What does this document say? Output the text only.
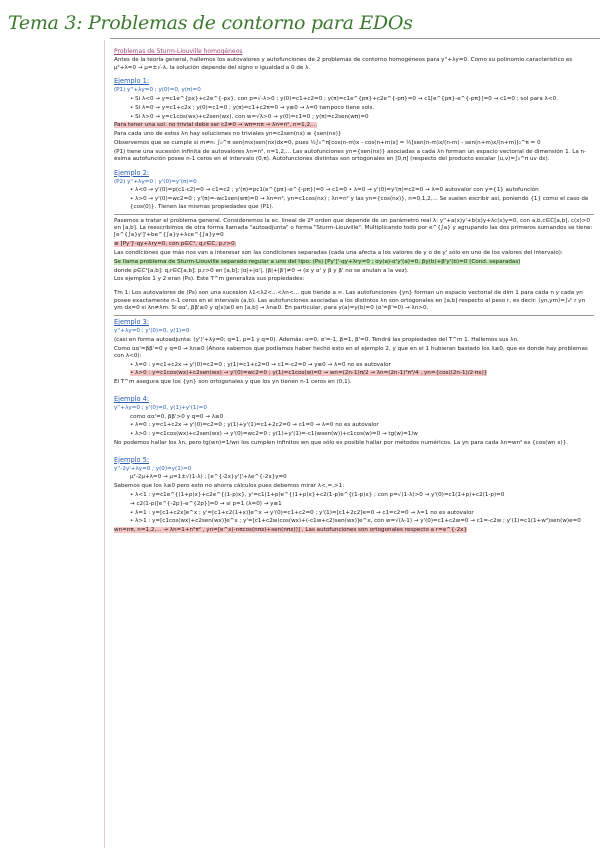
Tema 3: Problemas de contorno para EDOs

Problemas de Sturm-Liouville homogéneos

Antes de la teoría general, hallemos los autovalores y autofunciones de 2 problemas de contorno homogéneos para y''+λy=0. Como su polinomio característico es μ²+λ=0 → μ=±√-λ, la solución depende del signo o igualdad a 0 de λ.

Ejemplo 1:

(P1) y''+λy=0 ; y(0)=0, y(π)=0

• Si λ<0 → y=c1e^{px}+c2e^{-px}, con p=√-λ>0 ; y(0)=c1+c2=0 ; y(π)=c1e^{pπ}+c2e^{-pπ}=0 → c1[e^{pπ}-e^{-pπ}]=0 → c1=0 ; sol para λ<0.

• Si λ=0 → y=c1+c2x ; y(0)=c1=0 ; y(π)=c1+c2π=0 → y≡0 → λ=0 tampoco tiene sols.

• Si λ>0 → y=c1cos(wx)+c2sen(wx), con w=√λ>0 → y(0)=c1=0 ; y(π)=c2sen(wπ)=0

Para tener una sol. no trivial debe ser c2≠0 → wπ=nπ → λn=n², n=1,2,...

Para cada uno de estos λn hay soluciones no triviales yn=c2sen(nx) ≡ {sen(nx)}

Observemos que se cumple si m≠n: ∫₀^π sen(mx)sen(nx)dx=0, pues ½∫₀^π[cos(n-m)x - cos(n+m)x] = ½[sen(n-m)x/(n-m) - sen(n+m)x/(n+m)]₀^π = 0

(P1) tiene una sucesión infinita de autovalores λn=n², n=1,2,... Las autofunciones yn={sen(nx)} asociadas a cada λn forman un espacio vectorial de dimensión 1. La n-ésima autofunción posee n-1 ceros en el intervalo (0,π). Autofunciones distintas son ortogonales en [0,π] (respecto del producto escalar ⟨u,v⟩=∫₀^π uv dx).

Ejemplo 2:

(P2) y''+λy=0 ; y'(0)=y'(π)=0

• λ<0 → y'(0)=p(c1-c2)=0 → c1=c2 ; y'(π)=pc1(e^{pπ}-e^{-pπ})=0 → c1=0 • λ=0 → y'(0)=y'(π)=c2=0 → λ=0 autovalor con y={1} autofunción

• λ>0 → y'(0)=wc2=0 ; y'(π)=-wc1sen(wπ)=0 → λn=n², yn=c1cos(nx) ; λn=n² y las yn={cos(nx)}, n=0,1,2,... Se suelen escribir así, poniendo {1} como el caso de {cos(0)}. Tienen las mismas propiedades que (P1).

Pasemos a tratar el problema general. Consideremos la ec. lineal de 2º orden que depende de un parámetro real λ: y''+a(x)y'+b(x)y+λc(x)y=0, con a,b,c∈C[a,b], c(x)>0 en [a,b]. La reescribimos de otra forma llamada "autoadjunta" o forma "Sturm-Liouville". Multiplicando todo por e^{∫a} y agrupando las dos primeros sumandos se tiene: [e^{∫a}y']'+be^{∫a}y+λce^{∫a}y=0

≡ [Py']'-qy+λry=0, con p∈C¹, q,r∈C, p,r>0.

Las condiciones que más nos van a interesar son las condiciones separadas (cada una afecta a los valores de y o de y' sólo en uno de los valores del intervalo):

Se llama problema de Sturm-Liouville separado regular a uno del tipo: (Ps) [Py']'-qy+λry=0 ; αy(a)-α'y'(a)=0, βy(b)+β'y'(b)=0 (Cond. separadas)

donde p∈C¹[a,b]; q,r∈C[a,b]; p,r>0 en [a,b]; |α|+|α'|, |β|+|β'|≠0 → (α y α' y β y β' no se anulan a la vez).

Los ejemplos 1 y 2 eran (Ps). Este T^m generaliza sus propiedades:

Tm 1: Los autovalores de (Ps) son una sucesión λ1<λ2<...<λn<... que tiende a ∞. Las autofunciones {yn} forman un espacio vectorial de dim 1 para cada n y cada yn posee exactamente n-1 ceros en el intervalo (a,b). Las autofunciones asociadas a los distintos λn son ortogonales en [a,b] respecto al peso r, es decir: ⟨yn,ym⟩=∫ₐᵇ r yn ym dx=0 si λn≠λm. Si αα', ββ'≥0 y q(x)≥0 en [a,b] → λn≥0. En particular, para y(a)=y(b)=0 (α'=β'=0) → λn>0.

Ejemplo 3:

y''+λy=0 ; y'(0)=0, y(1)=0

(casi en forma autoadjunta: (y')'+λy=0; q=1, p=1 y q=0). Además: α=0, α'=-1, β=1, β'=0. Tendrá las propiedades del T^m 1. Hallemos sus λn.

Como αα'=ββ'=0 y q=0 → λn≥0 (Ahora sabemos que podíamos haber hecho esto en el ejemplo 2, y que en el 1 hubieran bastado los λ≥0, que es donde hay problemas con λ<0):

• λ=0 : y=c1+c2x → y'(0)=c2=0 ; y(1)=c1+c2=0 → c1=-c2=0 → y≡0 → λ=0 no es autovalor

• λ>0 : y=c1cos(wx)+c2sen(wx) → y'(0)=wc2=0 ; y(1)=c1cos(w)=0 → wn=(2n-1)π/2 → λn=(2n-1)²π²/4 , yn={cos((2n-1)/2·πx)}

El T^m asegura que los {yn} son ortogonales y que los yn tienen n-1 ceros en (0,1).

Ejemplo 4:

y''+λy=0 ; y'(0)=0, y(1)+y'(1)=0

como αα'=0, ββ'>0 y q=0 → λ≥0

• λ=0 : y=c1+c2x → y'(0)=c2=0 ; y(1)+y'(1)=c1+2c2=0 → c1=0 → λ=0 no es autovalor

• λ>0 : y=c1cos(wx)+c2sen(wx) → y'(0)=wc2=0 ; y(1)+y'(1)=-c1(wsen(w))+c1cos(w)=0 → tg(w)=1/w

No podemos hallar los λn, pero tg(wn)=1/wn los cumplen infinitos wn que sólo es posible hallar por métodos numéricos. La yn para cada λn=wn² es {cos(wn x)}.

Ejemplo 5:

y''-2y'+λy=0 ; y(0)=y(1)=0

μ²-2μ+λ=0 → μ=1±√(1-λ) ; [e^{-2x}y']'+λe^{-2x}y=0

Sabemos que los λ≥0 pero esto no ahorra cálculos pues debemos mirar λ<,=,>1:

• λ<1 : y=c1e^{(1+p)x}+c2e^{(1-p)x}, y'=c1(1+p)e^{(1+p)x}+c2(1-p)e^{(1-p)x} ; con p=√(1-λ)>0 → y'(0)=c1(1+p)+c2(1-p)=0

→ c2(1-p)[e^{-2p}-e^{2p}]=0 → si p=1 (λ=0) → y≡1

• λ=1 : y=[c1+c2x]e^x ; y'=[c1+c2(1+x)]e^x → y'(0)=c1+c2=0 ; y'(1)=[c1+2c2]e=0 → c1=c2=0 → λ=1 no es autovalor

• λ>1 : y=[c1cos(wx)+c2sen(wx)]e^x ; y'=[c1+c2w)cos(wx)+(-c1w+c2)sen(wx)]e^x, con w=√(λ-1) → y'(0)=c1+c2w=0 → c1=-c2w ; y'(1)=c1(1+w²)sen(w)e=0

wn=nπ, n=1,2,... → λn=1+n²π² , yn=[e^x(-nπcos(nπx)+sen(nπx))] . Las autofunciones son ortogonales respecto a r=e^{-2x}
